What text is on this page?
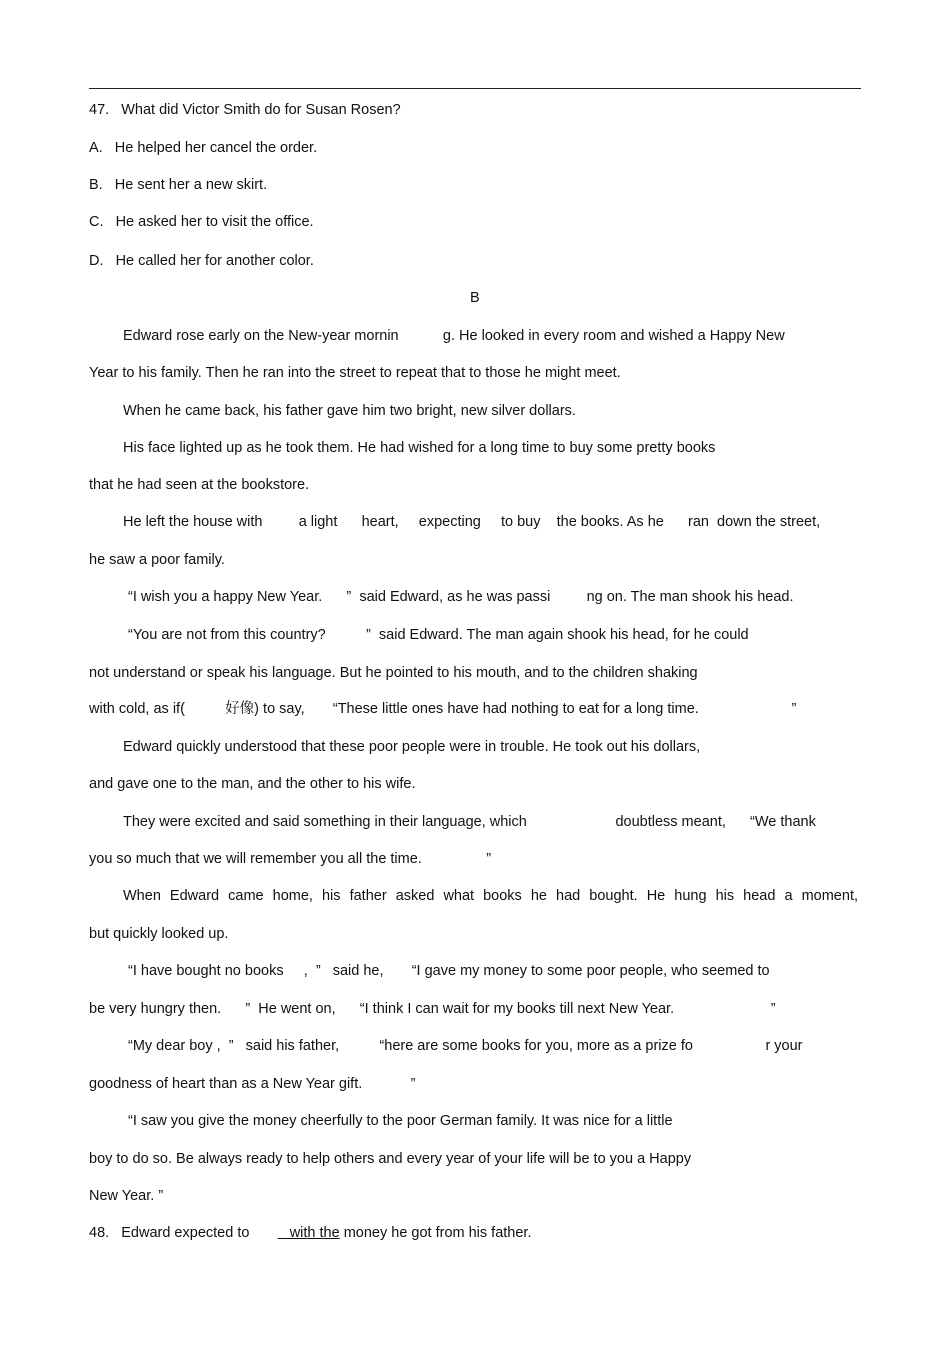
47.   What did Victor Smith do for Susan Rosen?
A.   He helped her cancel the order.
B.   He sent her a new skirt.
C.   He asked her to visit the office.
D.   He called her for another color.
B
Edward rose early on the New-year mornin           g. He looked in every room and wished a Happy New
Year to his family. Then he ran into the street to repeat that to those he might meet.
When he came back, his father gave him two bright, new silver dollars.
His face lighted up as he took them. He had wished for a long time to buy some pretty books
that he had seen at the bookstore.
He left the house with         a light      heart,     expecting     to buy    the books. As he      ran  down the street,
he saw a poor family.
“I wish you a happy New Year.      ”  said Edward, as he was passi         ng on. The man shook his head.
“You are not from this country?          ”  said Edward. The man again shook his head, for he could
not understand or speak his language. But he pointed to his mouth, and to the children shaking
with cold, as if(          好像) to say,       “These little ones have had nothing to eat for a long time.                       ”
Edward quickly understood that these poor people were in trouble. He took out his dollars,
and gave one to the man, and the other to his wife.
They were excited and said something in their language, which                      doubtless meant,      “We thank
you so much that we will remember you all the time.                ”
When Edward came home, his father asked what books he had bought. He hung his head a moment,
but quickly looked up.
“I have bought no books     ,  ”   said he,       “I gave my money to some poor people, who seemed to
be very hungry then.      ”  He went on,      “I think I can wait for my books till next New Year.                        ”
“My dear boy ,  ”   said his father,          “here are some books for you, more as a prize fo                  r your
goodness of heart than as a New Year gift.            ”
“I saw you give the money cheerfully to the poor German family. It was nice for a little
boy to do so. Be always ready to help others and every year of your life will be to you a Happy
New Year. ”
48.   Edward expected to          with the money he got from his father.
